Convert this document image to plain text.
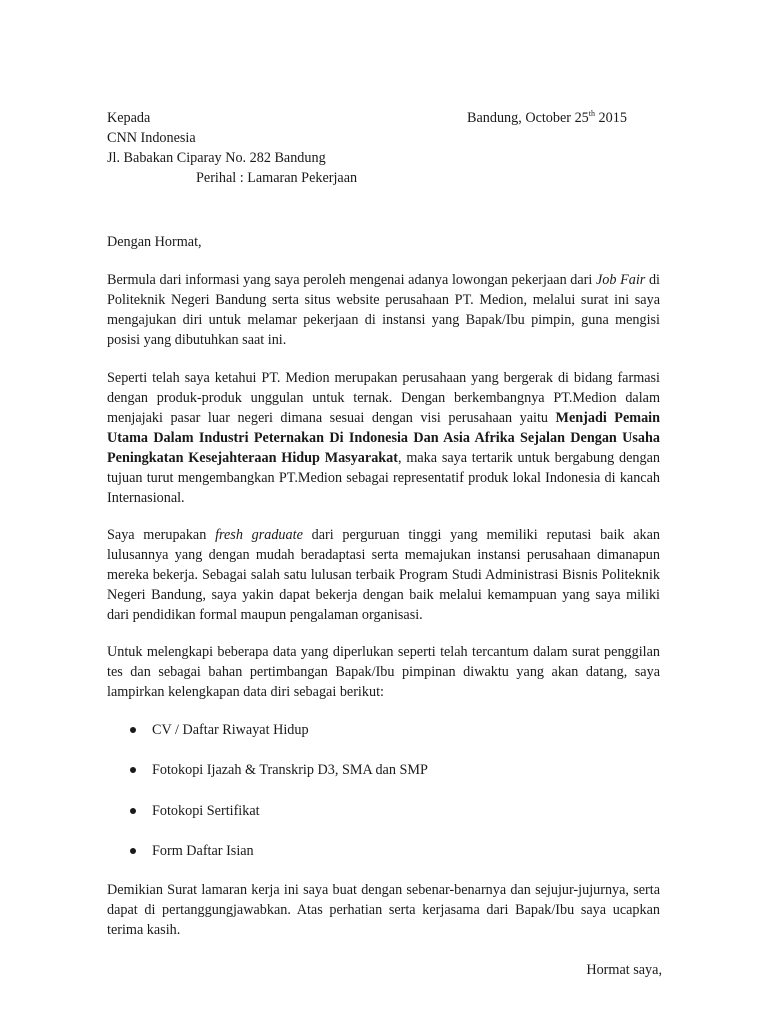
Kepada	Bandung, October 25th 2015
CNN Indonesia
Jl. Babakan Ciparay No. 282 Bandung
Perihal : Lamaran Pekerjaan
Dengan Hormat,

Bermula dari informasi yang saya peroleh mengenai adanya lowongan pekerjaan dari Job Fair di Politeknik Negeri Bandung serta situs website perusahaan PT. Medion, melalui surat ini saya mengajukan diri untuk melamar pekerjaan di instansi yang Bapak/Ibu pimpin, guna mengisi posisi yang dibutuhkan saat ini.

Seperti telah saya ketahui PT. Medion merupakan perusahaan yang bergerak di bidang farmasi dengan produk-produk unggulan untuk ternak. Dengan berkembangnya PT.Medion dalam menjajaki pasar luar negeri dimana sesuai dengan visi perusahaan yaitu Menjadi Pemain Utama Dalam Industri Peternakan Di Indonesia Dan Asia Afrika Sejalan Dengan Usaha Peningkatan Kesejahteraan Hidup Masyarakat, maka saya tertarik untuk bergabung dengan tujuan turut mengembangkan PT.Medion sebagai representatif produk lokal Indonesia di kancah Internasional.

Saya merupakan fresh graduate dari perguruan tinggi yang memiliki reputasi baik akan lulusannya yang dengan mudah beradaptasi serta memajukan instansi perusahaan dimanapun mereka bekerja. Sebagai salah satu lulusan terbaik Program Studi Administrasi Bisnis Politeknik Negeri Bandung, saya yakin dapat bekerja dengan baik melalui kemampuan yang saya miliki dari pendidikan formal maupun pengalaman organisasi.

Untuk melengkapi beberapa data yang diperlukan seperti telah tercantum dalam surat penggilan tes dan sebagai bahan pertimbangan Bapak/Ibu pimpinan diwaktu yang akan datang, saya lampirkan kelengkapan data diri sebagai berikut:

CV / Daftar Riwayat Hidup
Fotokopi Ijazah & Transkrip D3, SMA dan SMP
Fotokopi Sertifikat
Form Daftar Isian

Demikian Surat lamaran kerja ini saya buat dengan sebenar-benarnya dan sejujur-jujurnya, serta dapat di pertanggungjawabkan. Atas perhatian serta kerjasama dari Bapak/Ibu saya ucapkan terima kasih.

Hormat saya,
